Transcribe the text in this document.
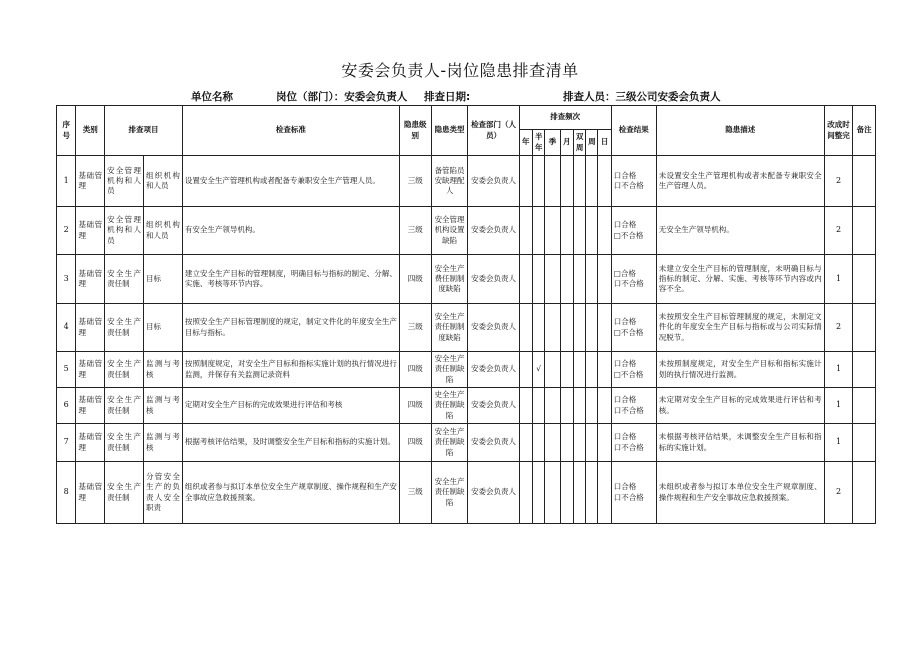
安委会负责人-岗位隐患排查清单
单位名称	岗位（部门）：安委会负责人 排查日期:	排查人员：三级公司安委会负责人
序号	类别	排查项目		检查标准	隐患级别	隐患类型	检查部门（人员）	排查频次							检查结果	隐患描述	改成时间整完	备注
								年	半年	季	月	双周	周	日				
1	基础管理	安全管理机构和人员	组织机构和人员	设置安全生产管理机构或者配备专兼职安全生产管理人员。	三级	备管陷员安缺理配人	安委会负责人								口合格
口不合格	未设置安全生产管理机构或者未配备专兼职安全生产管理人员。	2	
2	基础管理	安全管理机构和人员	组织机构和人员	有安全生产领导机构。	三级	安全管理机构设置缺陷	安委会负责人								口合格
□不合格	无安全生产领导机构。	2	
3	基础管理	安全生产责任制	目标	建立安全生产目标的管理制度，明确目标与指标的制定、分解、实施、考核等环节内容。	四级	安全生产费任制制度缺陷	安委会负责人								□合格
口不合格	未建立安全生产目标的管理制度，未明确目标与指标的制定、分解、实施、考核等环节内容或内容不全。	1	
4	基础管理	安全生产责任制	目标	按照安全生产目标管理制度的规定，制定文件化的年度安全生产目标与指标。	三级	安全生产责任制制度缺陷	安委会负责人								口合格
□不合格	未按照安全生产目标管理制度的规定，未制定文件化的年度安全生产目标与指标或与公司实际情况脱节。	2	
5	基础管理	安全生产责任制	监测与考核	按照制度规定，对安全生产目标和指标实施计划的执行情况进行监测，并保存有关监测记录资料	四级	安全生产责任制缺陷	安委会负责人		√						口合格
□不合格	未按照制度规定，对安全生产目标和指标实施计划的执行情况进行监测。	1	
6	基础管理	安全生产责任制	监测与考核	定期对安全生产目标的完成效果进行评估和考核	四级	史全生产责任制缺陷	安委会负责人								口合格
口不合格	未定期对安全生产目标的完成效果进行评估和考核。	1	
7	基础管理	安全生产责任制	监测与考核	根据考核评估结果，及时调整安全生产目标和指标的实施计划。	四级	安全生产责任制缺陷	安委会负责人								口合格
口不合格	未根据考核评估结果，未调整安全生产目标和指标的实施计划。	1	
8	基础管理	安全生产责任制	分管安全生产的负责人安全职责	组织或者参与拟订本单位安全生产规章制度、操作规程和生产安全事故应急救援预案。	三级	安全生产责任制缺陷	安委会负责人								口合格
口不合格	未组织或者参与拟订本单位安全生产规章制度、操作规程和生产安全事故应急救援预案。	2	
